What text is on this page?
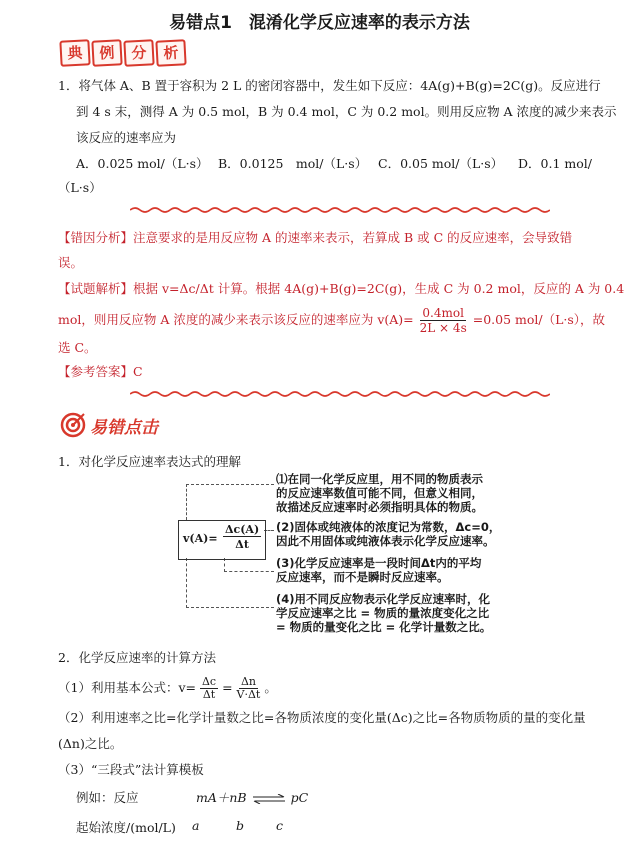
易错点1　混淆化学反应速率的表示方法
典	例	分	析
1．将气体 A、B 置于容积为 2 L 的密闭容器中，发生如下反应：4A(g)+B(g)=2C(g)。反应进行
到 4 s 末，测得 A 为 0.5 mol，B 为 0.4 mol，C 为 0.2 mol。则用反应物 A 浓度的减少来表示
该反应的速率应为
A．0.025 mol/（L·s） B．0.0125　mol/（L·s） C．0.05 mol/（L·s） D．0.1 mol/
（L·s）
【错因分析】注意要求的是用反应物 A 的速率来表示，若算成 B 或 C 的反应速率，会导致错
误。
【试题解析】根据 v=Δc/Δt 计算。根据 4A(g)+B(g)=2C(g)，生成 C 为 0.2 mol，反应的 A 为 0.4
mol，则用反应物 A 浓度的减少来表示该反应的速率应为 $v(A)= \frac{\text{0.4mol}}{2L \times 4s} =0.05$ mol/（L·s），故
选 C。
【参考答案】C
易错点击
1．对化学反应速率表达式的理解
$v(A)= \frac{\Delta c(A)}{\Delta t}$
⑴在同一化学反应里，用不同的物质表示
的反应速率数值可能不同，但意义相同，
故描述反应速率时必须指明具体的物质。
(2)固体或纯液体的浓度记为常数，Δc=0，
因此不用固体或纯液体表示化学反应速率。
(3)化学反应速率是一段时间Δt内的平均
反应速率，而不是瞬时反应速率。
(4)用不同反应物表示化学反应速率时，化
学反应速率之比 = 物质的量浓度变化之比
= 物质的量变化之比 = 化学计量数之比。
2．化学反应速率的计算方法
（1）利用基本公式：$v= \frac{\Delta c}{\Delta t} = \frac{\Delta n}{V\cdot\Delta t}$ 。
（2）利用速率之比=化学计量数之比=各物质浓度的变化量(Δc)之比=各物质物质的量的变化量
(Δn)之比。
（3）“三段式”法计算模板
例如：反应	mA＋nB ⇌ pC
起始浓度/(mol/L) a	b	c
